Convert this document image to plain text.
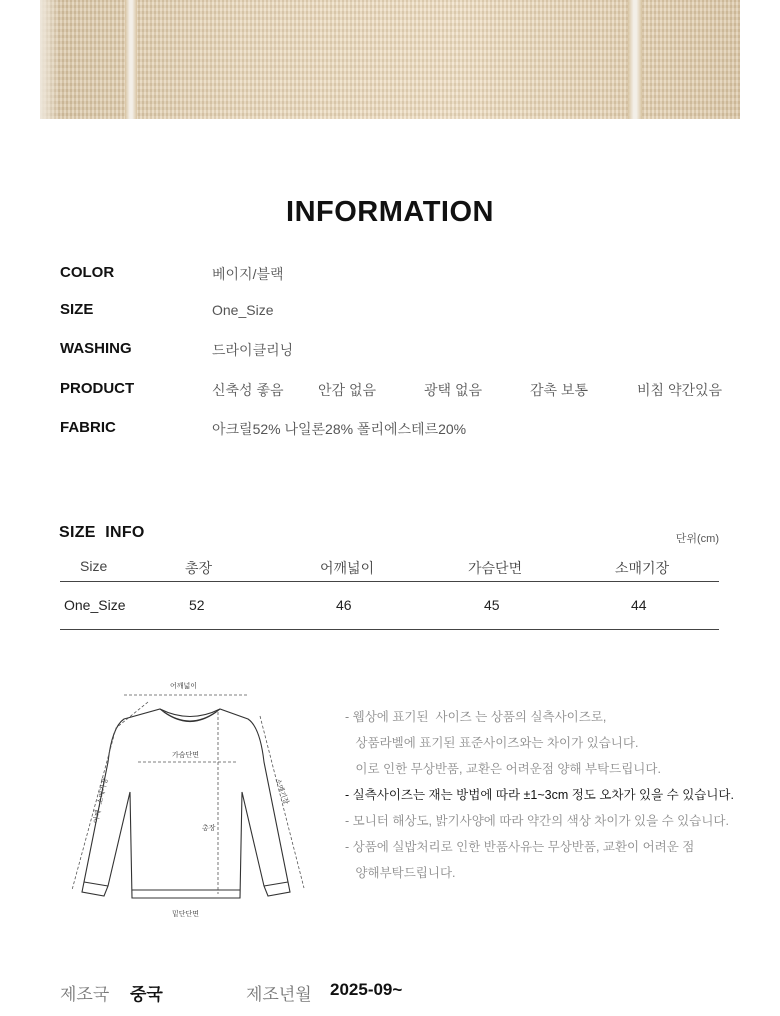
INFORMATION
COLOR	베이지/블랙
SIZE	One_Size
WASHING	드라이클리닝
PRODUCT	신축성 좋음 안감 없음	광택 없음	감촉 보통	비침 약간있음
FABRIC	아크릴52% 나일론28% 폴리에스테르20%
SIZE  INFO	단위(cm)
Size	총장	어깨넓이	가슴단면	소매기장
One_Size	52	46	45	44
어깨넓이
가슴단면
총장
소매기장
어깨~소매기장
밑단단면
- 웹상에 표기된  사이즈 는 상품의 실측사이즈로,
상품라벨에 표기된 표준사이즈와는 차이가 있습니다.
이로 인한 무상반품, 교환은 어려운점 양해 부탁드립니다.
- 실측사이즈는 재는 방법에 따라 ±1~3cm 정도 오차가 있을 수 있습니다.
- 모니터 해상도, 밝기사양에 따라 약간의 색상 차이가 있을 수 있습니다.
- 상품에 실밥처리로 인한 반품사유는 무상반품, 교환이 어려운 점
양해부탁드립니다.
제조국 중국	제조년월 2025-09~
